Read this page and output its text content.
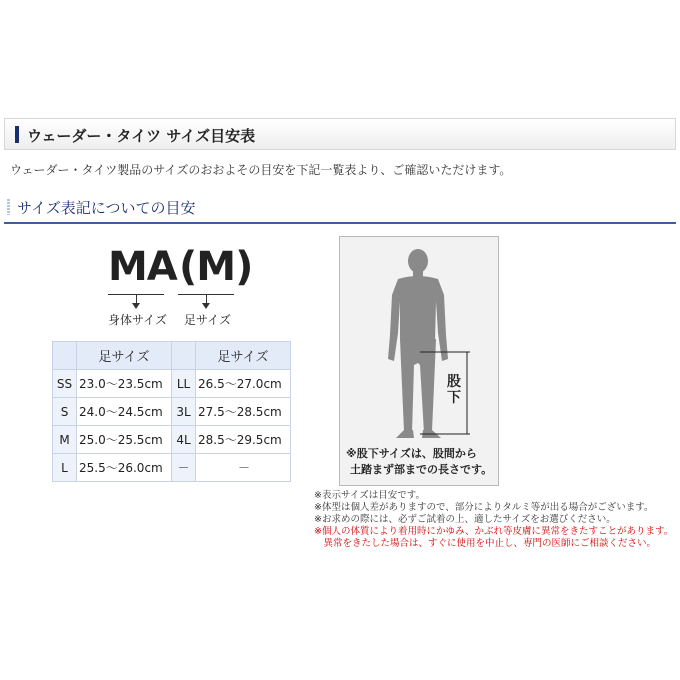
ウェーダー・タイツ サイズ目安表
ウェーダー・タイツ製品のサイズのおおよその目安を下記一覧表より、ご確認いただけます。
サイズ表記についての目安
MA (M)
身体サイズ 足サイズ
	足サイズ		足サイズ
SS	23.0～23.5cm	LL	26.5～27.0cm
S	24.0～24.5cm	3L	27.5～28.5cm
M	25.0～25.5cm	4L	28.5～29.5cm
L	25.5～26.0cm	－	－
股下
※股下サイズは、股間から
土踏まず部までの長さです。
※表示サイズは目安です。
※体型は個人差がありますので、部分によりタルミ等が出る場合がございます。
※お求めの際には、必ずご試着の上、適したサイズをお選びください。
※個人の体質により着用時にかゆみ、かぶれ等皮膚に異常をきたすことがあります。
　異常をきたした場合は、すぐに使用を中止し、専門の医師にご相談ください。
